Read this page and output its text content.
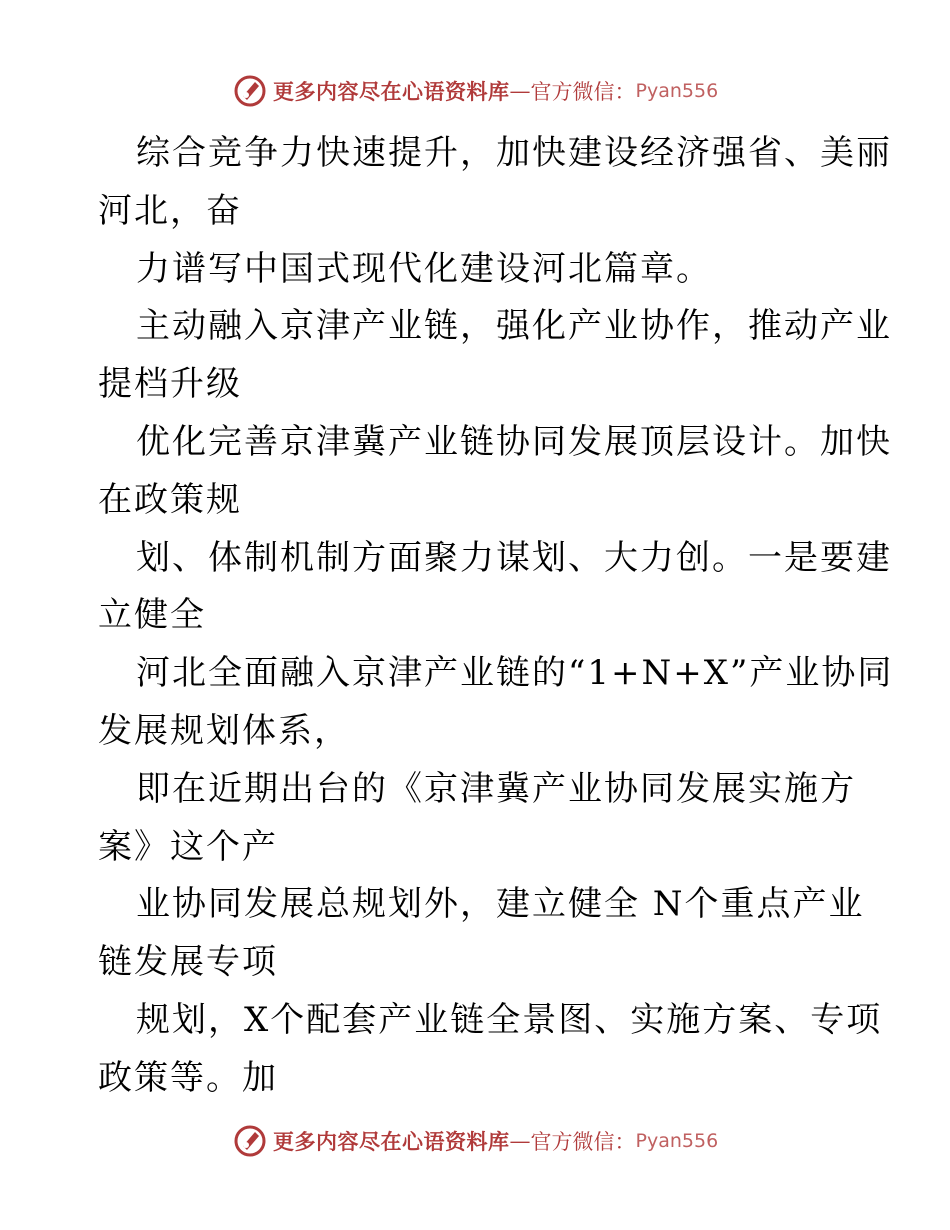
更多内容尽在心语资料库 — 官方微信： Pyan556
综合竞争力快速提升，加快建设经济强省、美丽
河北，奋
力谱写中国式现代化建设河北篇章。
主动融入京津产业链，强化产业协作，推动产业
提档升级
优化完善京津冀产业链协同发展顶层设计。加快
在政策规
划、体制机制方面聚力谋划、大力创。一是要建
立健全
河北全面融入京津产业链的“1+N+X”产业协同
发展规划体系，
即在近期出台的《京津冀产业协同发展实施方
案》这个产
业协同发展总规划外，建立健全 N个重点产业
链发展专项
规划，X个配套产业链全景图、实施方案、专项
政策等。加
更多内容尽在心语资料库 — 官方微信： Pyan556
